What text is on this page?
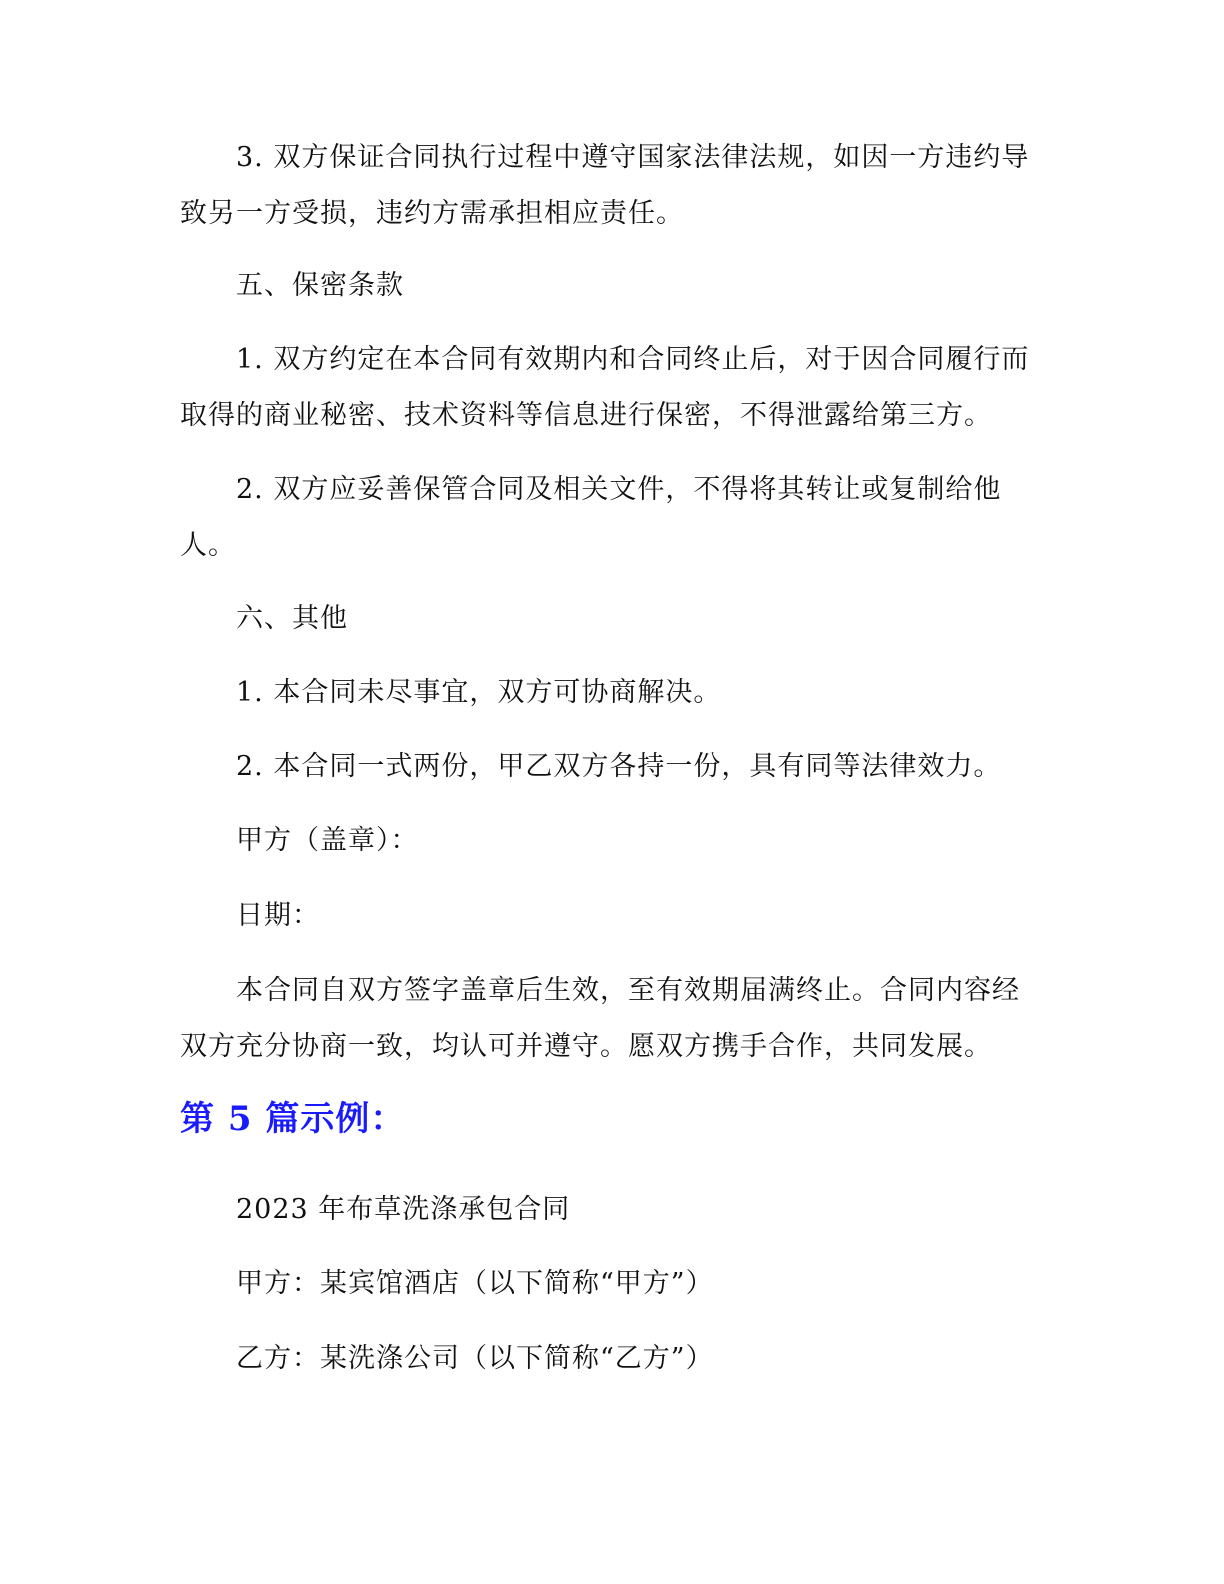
3. 双方保证合同执行过程中遵守国家法律法规，如因一方违约导致另一方受损，违约方需承担相应责任。

五、保密条款

1. 双方约定在本合同有效期内和合同终止后，对于因合同履行而取得的商业秘密、技术资料等信息进行保密，不得泄露给第三方。

2. 双方应妥善保管合同及相关文件，不得将其转让或复制给他人。

六、其他

1. 本合同未尽事宜，双方可协商解决。

2. 本合同一式两份，甲乙双方各持一份，具有同等法律效力。

甲方（盖章）：

日期：

本合同自双方签字盖章后生效，至有效期届满终止。合同内容经双方充分协商一致，均认可并遵守。愿双方携手合作，共同发展。

第 5 篇示例：

2023 年布草洗涤承包合同

甲方：某宾馆酒店（以下简称“甲方”）

乙方：某洗涤公司（以下简称“乙方”）
